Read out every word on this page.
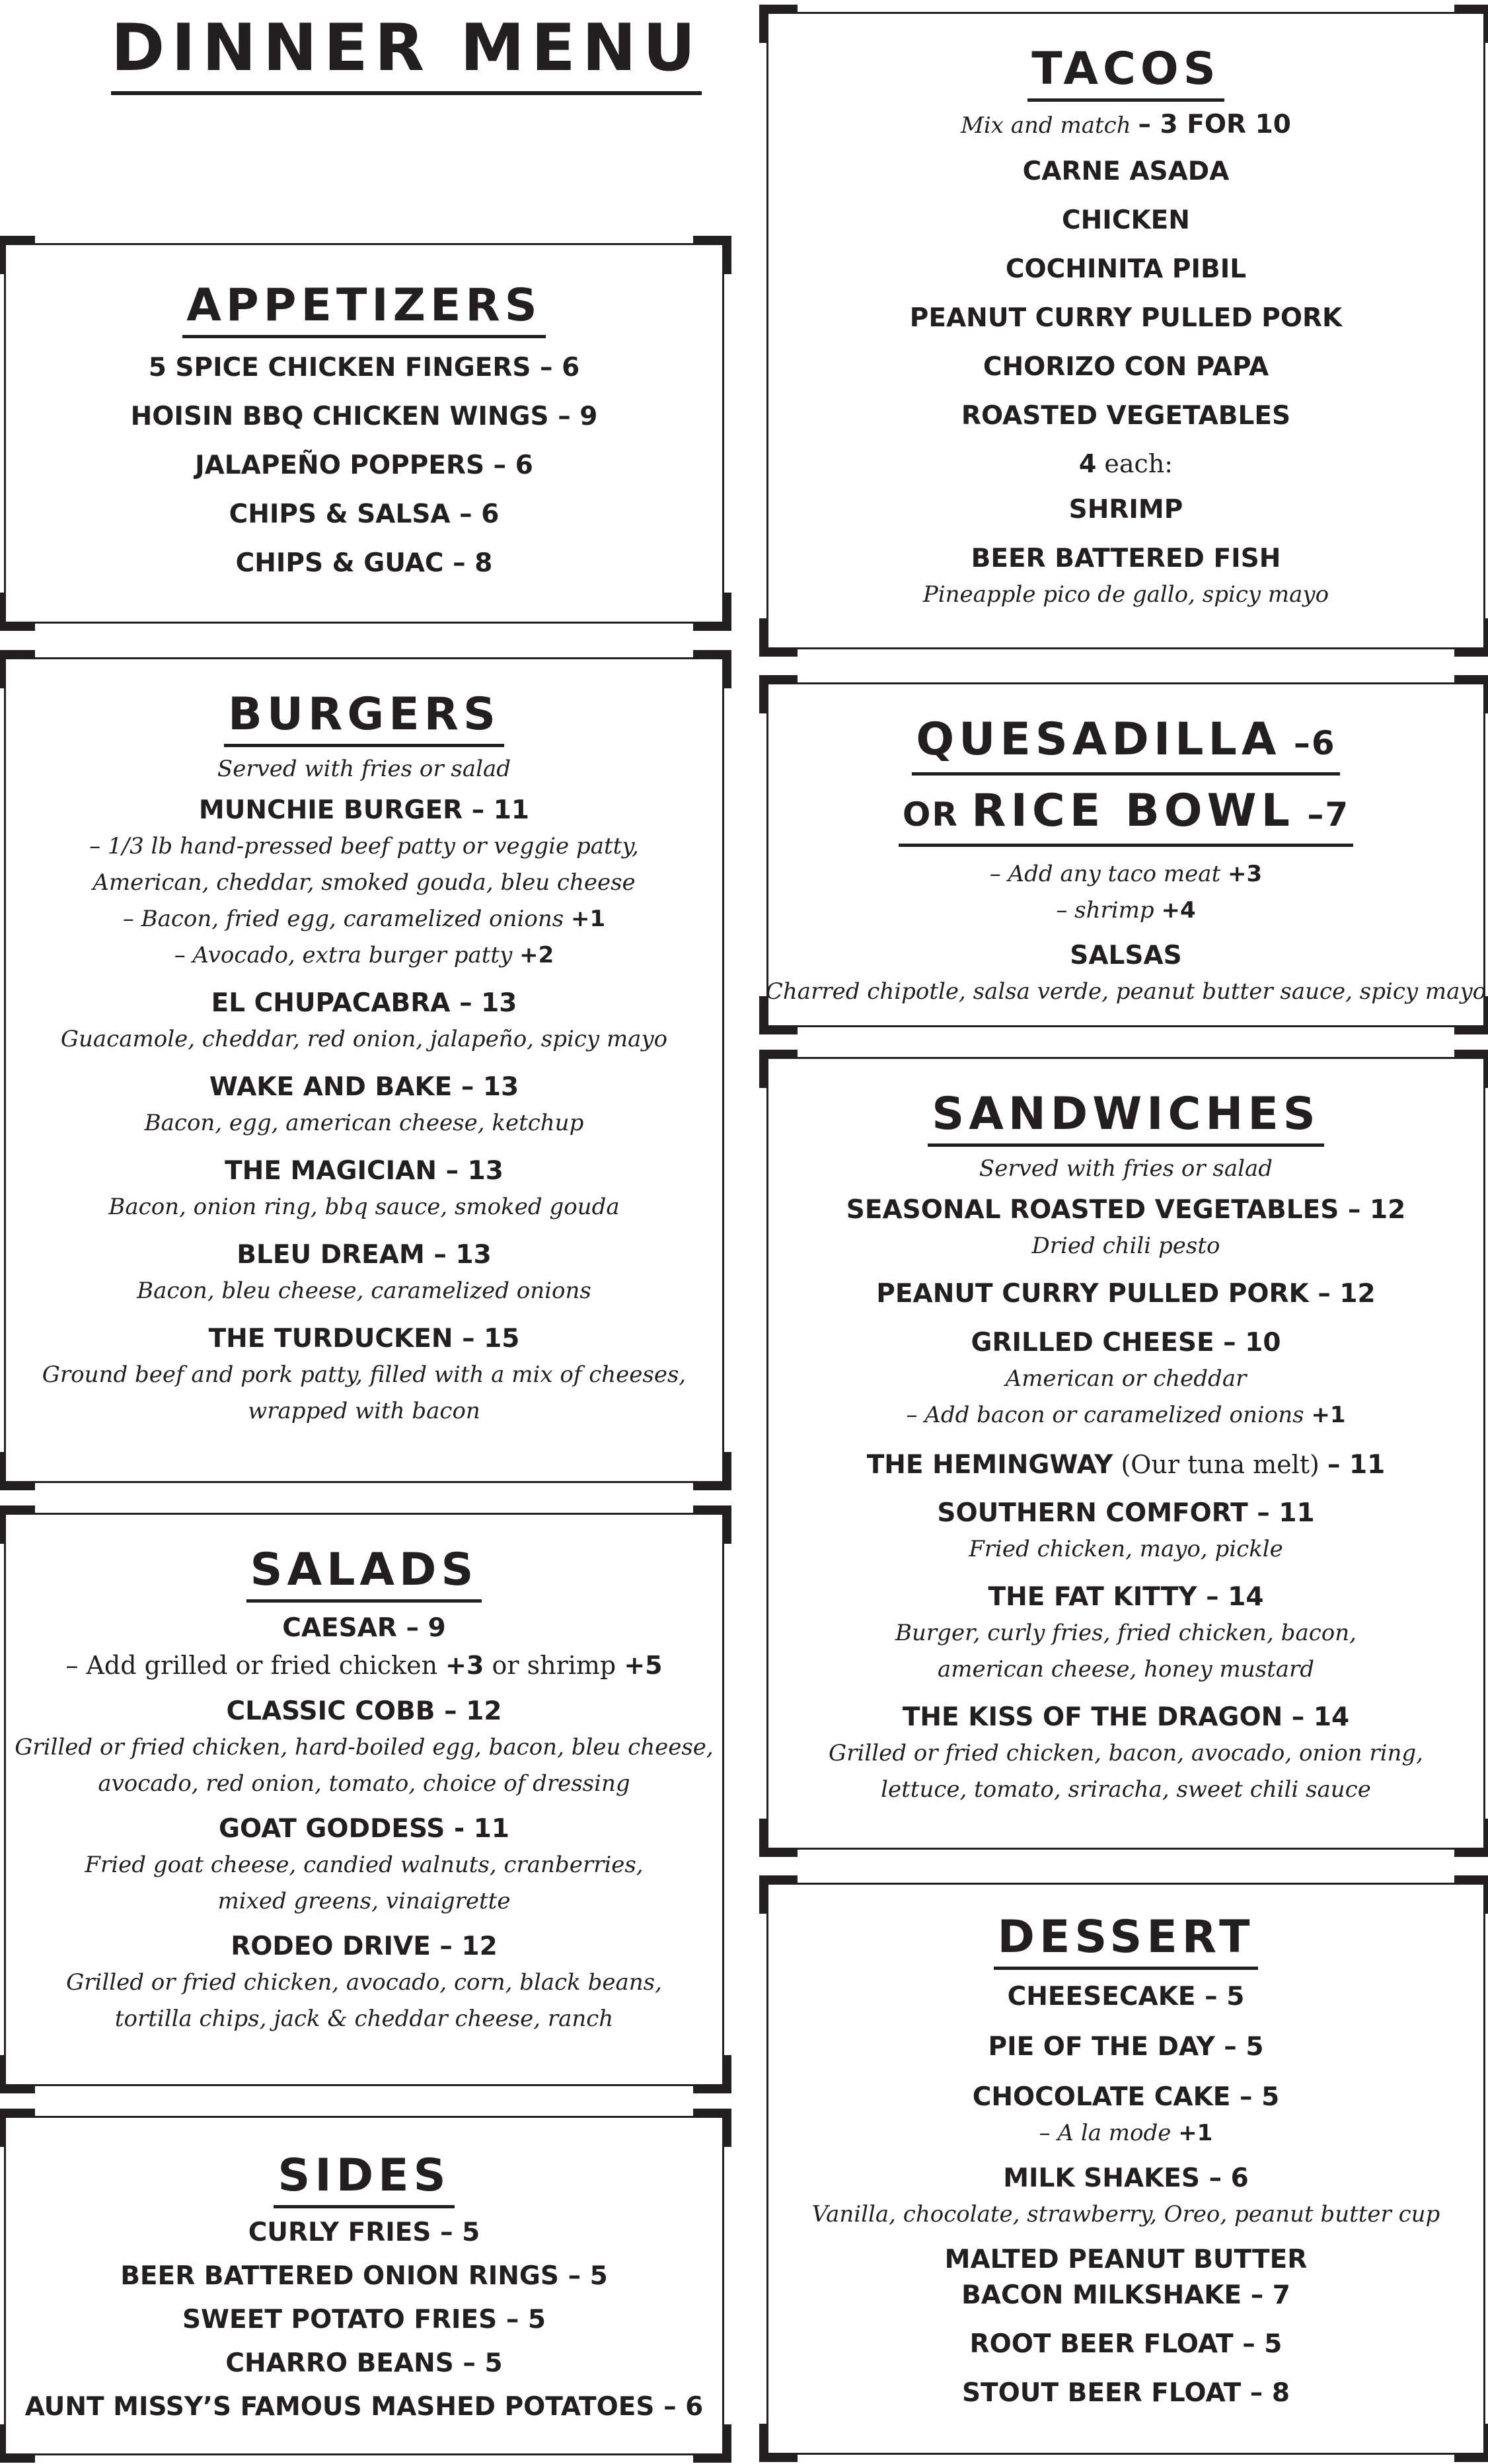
DINNER MENU
APPETIZERS
5 SPICE CHICKEN FINGERS – 6
HOISIN BBQ CHICKEN WINGS – 9
JALAPEÑO POPPERS – 6
CHIPS & SALSA – 6
CHIPS & GUAC – 8
BURGERS
Served with fries or salad
MUNCHIE BURGER – 11
– 1/3 lb hand-pressed beef patty or veggie patty,
American, cheddar, smoked gouda, bleu cheese
– Bacon, fried egg, caramelized onions +1
– Avocado, extra burger patty +2
EL CHUPACABRA – 13
Guacamole, cheddar, red onion, jalapeño, spicy mayo
WAKE AND BAKE – 13
Bacon, egg, american cheese, ketchup
THE MAGICIAN – 13
Bacon, onion ring, bbq sauce, smoked gouda
BLEU DREAM – 13
Bacon, bleu cheese, caramelized onions
THE TURDUCKEN – 15
Ground beef and pork patty, filled with a mix of cheeses,
wrapped with bacon
SALADS
CAESAR – 9
– Add grilled or fried chicken +3 or shrimp +5
CLASSIC COBB – 12
Grilled or fried chicken, hard-boiled egg, bacon, bleu cheese,
avocado, red onion, tomato, choice of dressing
GOAT GODDESS - 11
Fried goat cheese, candied walnuts, cranberries,
mixed greens, vinaigrette
RODEO DRIVE – 12
Grilled or fried chicken, avocado, corn, black beans,
tortilla chips, jack & cheddar cheese, ranch
SIDES
CURLY FRIES – 5
BEER BATTERED ONION RINGS – 5
SWEET POTATO FRIES – 5
CHARRO BEANS – 5
AUNT MISSY’S FAMOUS MASHED POTATOES – 6
TACOS
Mix and match – 3 FOR 10
CARNE ASADA
CHICKEN
COCHINITA PIBIL
PEANUT CURRY PULLED PORK
CHORIZO CON PAPA
ROASTED VEGETABLES
4 each:
SHRIMP
BEER BATTERED FISH
Pineapple pico de gallo, spicy mayo
QUESADILLA –6
OR RICE BOWL –7
– Add any taco meat +3
– shrimp +4
SALSAS
Charred chipotle, salsa verde, peanut butter sauce, spicy mayo
SANDWICHES
Served with fries or salad
SEASONAL ROASTED VEGETABLES – 12
Dried chili pesto
PEANUT CURRY PULLED PORK – 12
GRILLED CHEESE – 10
American or cheddar
– Add bacon or caramelized onions +1
THE HEMINGWAY (Our tuna melt) – 11
SOUTHERN COMFORT – 11
Fried chicken, mayo, pickle
THE FAT KITTY – 14
Burger, curly fries, fried chicken, bacon,
american cheese, honey mustard
THE KISS OF THE DRAGON – 14
Grilled or fried chicken, bacon, avocado, onion ring,
lettuce, tomato, sriracha, sweet chili sauce
DESSERT
CHEESECAKE – 5
PIE OF THE DAY – 5
CHOCOLATE CAKE – 5
– A la mode +1
MILK SHAKES – 6
Vanilla, chocolate, strawberry, Oreo, peanut butter cup
MALTED PEANUT BUTTER
BACON MILKSHAKE – 7
ROOT BEER FLOAT – 5
STOUT BEER FLOAT – 8
